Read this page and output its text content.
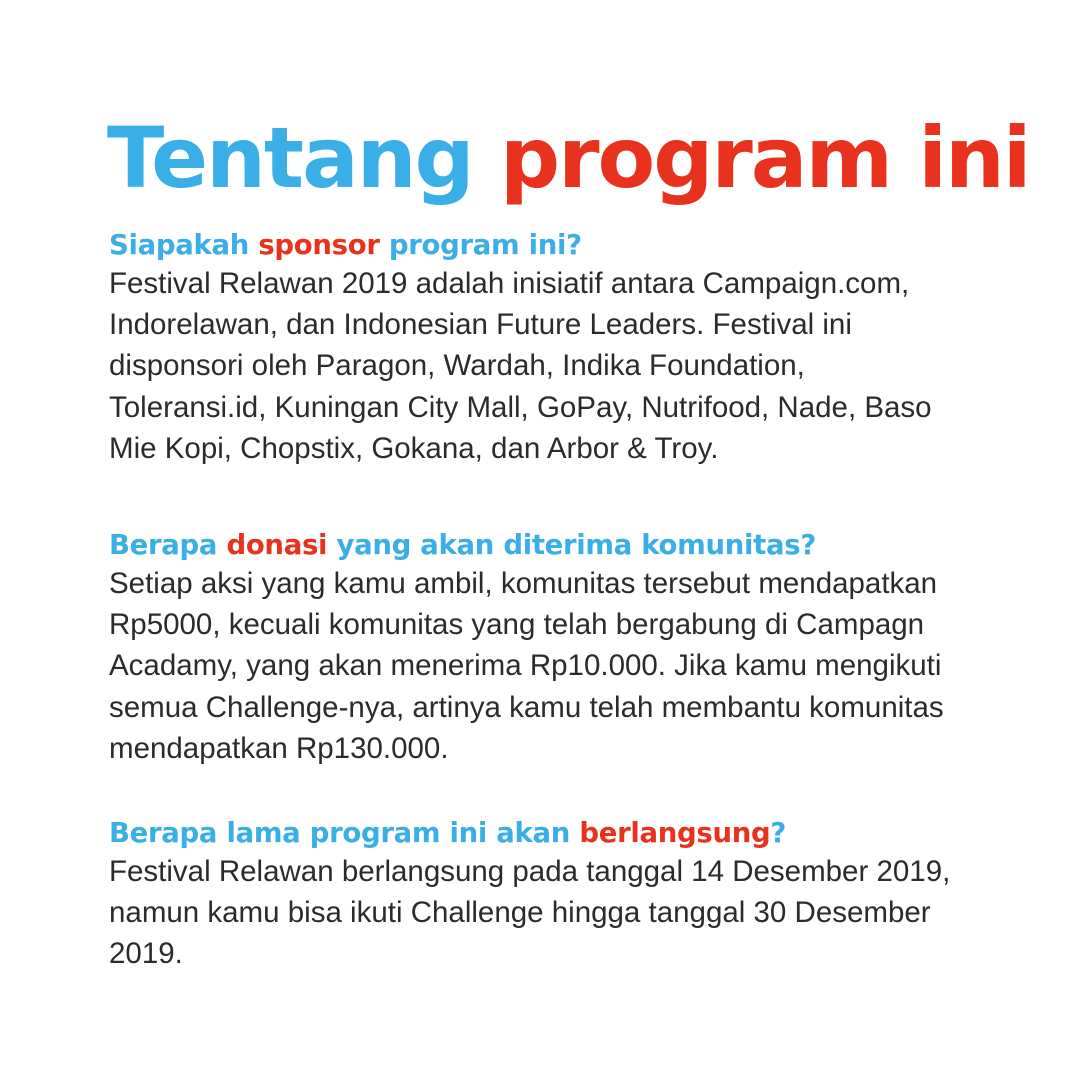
Tentang program ini
Siapakah sponsor program ini?

Festival Relawan 2019 adalah inisiatif antara Campaign.com,
Indorelawan, dan Indonesian Future Leaders. Festival ini
disponsori oleh Paragon, Wardah, Indika Foundation,
Toleransi.id, Kuningan City Mall, GoPay, Nutrifood, Nade, Baso
Mie Kopi, Chopstix, Gokana, dan Arbor & Troy.

Berapa donasi yang akan diterima komunitas?

Setiap aksi yang kamu ambil, komunitas tersebut mendapatkan
Rp5000, kecuali komunitas yang telah bergabung di Campagn
Acadamy, yang akan menerima Rp10.000. Jika kamu mengikuti
semua Challenge-nya, artinya kamu telah membantu komunitas
mendapatkan Rp130.000.

Berapa lama program ini akan berlangsung?

Festival Relawan berlangsung pada tanggal 14 Desember 2019,
namun kamu bisa ikuti Challenge hingga tanggal 30 Desember
2019.
